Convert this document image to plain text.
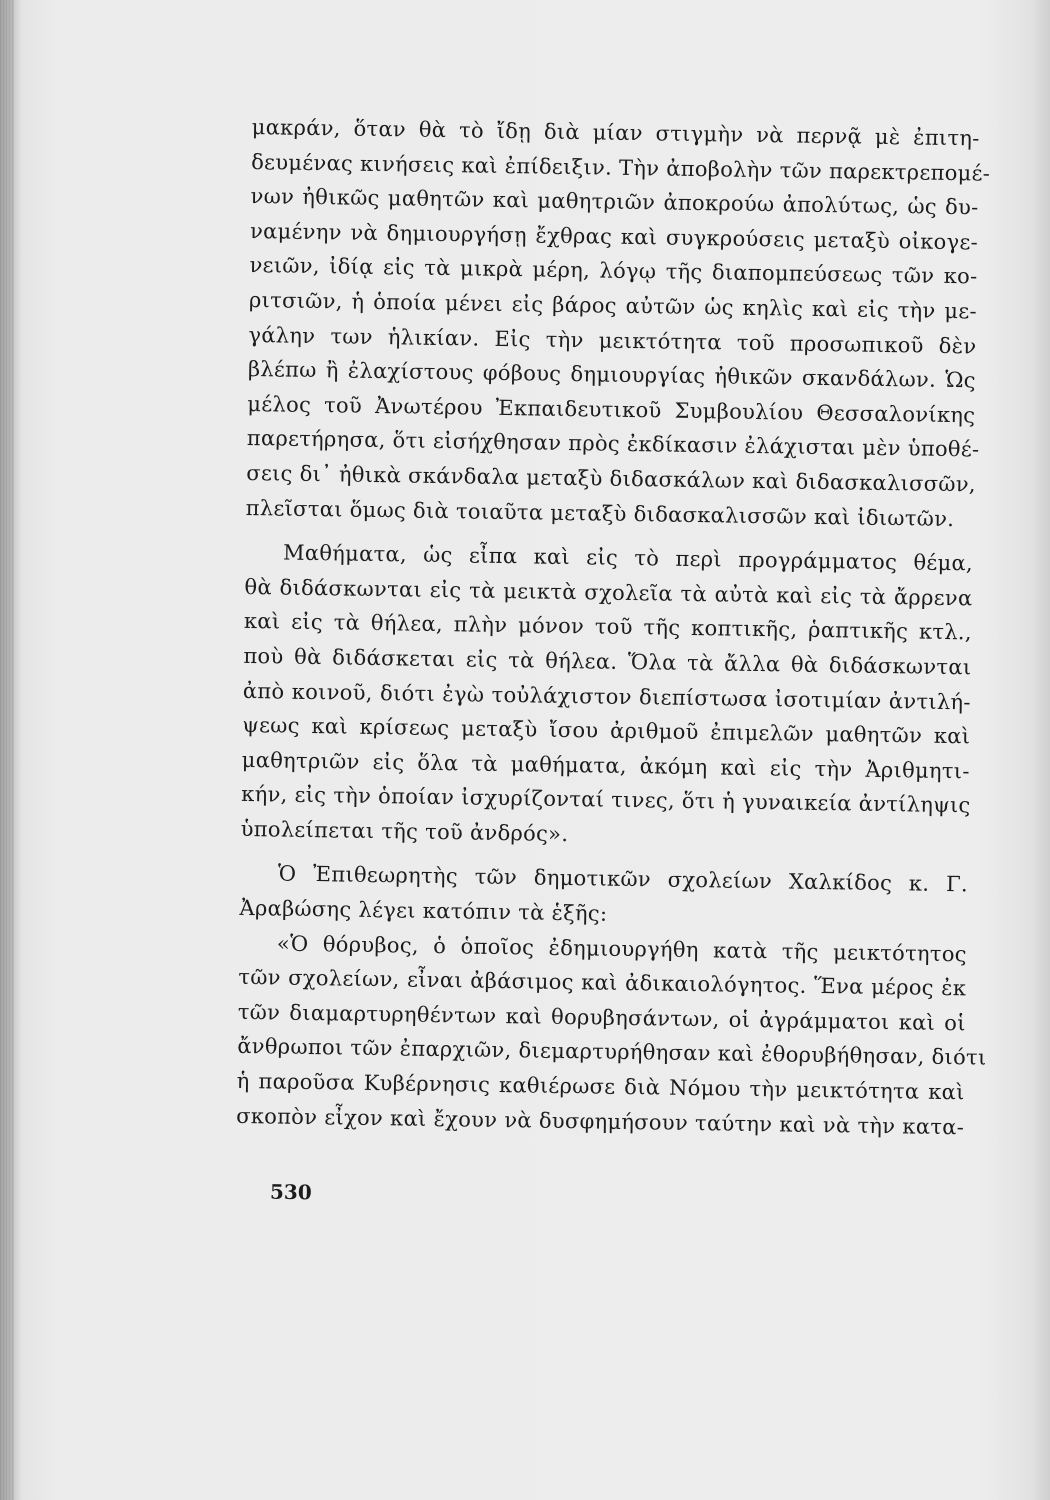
μακράν, ὅταν θὰ τὸ ἴδῃ διὰ μίαν στιγμὴν νὰ περνᾷ μὲ ἐπιτη-
δευμένας κινήσεις καὶ ἐπίδειξιν. Τὴν ἀποβολὴν τῶν παρεκτρεπομέ-
νων ἠθικῶς μαθητῶν καὶ μαθητριῶν ἀποκρούω ἀπολύτως, ὡς δυ-
ναμένην νὰ δημιουργήσῃ ἔχθρας καὶ συγκρούσεις μεταξὺ οἰκογε-
νειῶν, ἰδίᾳ εἰς τὰ μικρὰ μέρη, λόγῳ τῆς διαπομπεύσεως τῶν κο-
ριτσιῶν, ἡ ὁποία μένει εἰς βάρος αὐτῶν ὡς κηλὶς καὶ εἰς τὴν με-
γάλην των ἡλικίαν. Εἰς τὴν μεικτότητα τοῦ προσωπικοῦ δὲν
βλέπω ἢ ἐλαχίστους φόβους δημιουργίας ἠθικῶν σκανδάλων. Ὡς
μέλος τοῦ Ἀνωτέρου Ἐκπαιδευτικοῦ Συμβουλίου Θεσσαλονίκης
παρετήρησα, ὅτι εἰσήχθησαν πρὸς ἐκδίκασιν ἐλάχισται μὲν ὑποθέ-
σεις δι᾽ ἠθικὰ σκάνδαλα μεταξὺ διδασκάλων καὶ διδασκαλισσῶν,
πλεῖσται ὅμως διὰ τοιαῦτα μεταξὺ διδασκαλισσῶν καὶ ἰδιωτῶν.
Μαθήματα, ὡς εἶπα καὶ εἰς τὸ περὶ προγράμματος θέμα,
θὰ διδάσκωνται εἰς τὰ μεικτὰ σχολεῖα τὰ αὐτὰ καὶ εἰς τὰ ἄρρενα
καὶ εἰς τὰ θήλεα, πλὴν μόνον τοῦ τῆς κοπτικῆς, ῥαπτικῆς κτλ.,
ποὺ θὰ διδάσκεται εἰς τὰ θήλεα. Ὅλα τὰ ἄλλα θὰ διδάσκωνται
ἀπὸ κοινοῦ, διότι ἐγὼ τοὐλάχιστον διεπίστωσα ἰσοτιμίαν ἀντιλή-
ψεως καὶ κρίσεως μεταξὺ ἴσου ἀριθμοῦ ἐπιμελῶν μαθητῶν καὶ
μαθητριῶν εἰς ὅλα τὰ μαθήματα, ἀκόμη καὶ εἰς τὴν Ἀριθμητι-
κήν, εἰς τὴν ὁποίαν ἰσχυρίζονταί τινες, ὅτι ἡ γυναικεία ἀντίληψις
ὑπολείπεται τῆς τοῦ ἀνδρός».
Ὁ Ἐπιθεωρητὴς τῶν δημοτικῶν σχολείων Χαλκίδος κ. Γ.
Ἀραβώσης λέγει κατόπιν τὰ ἑξῆς:
«Ὁ θόρυβος, ὁ ὁποῖος ἐδημιουργήθη κατὰ τῆς μεικτότητος
τῶν σχολείων, εἶναι ἀβάσιμος καὶ ἀδικαιολόγητος. Ἕνα μέρος ἐκ
τῶν διαμαρτυρηθέντων καὶ θορυβησάντων, οἱ ἀγράμματοι καὶ οἱ
ἄνθρωποι τῶν ἐπαρχιῶν, διεμαρτυρήθησαν καὶ ἐθορυβήθησαν, διότι
ἡ παροῦσα Κυβέρνησις καθιέρωσε διὰ Νόμου τὴν μεικτότητα καὶ
σκοπὸν εἶχον καὶ ἔχουν νὰ δυσφημήσουν ταύτην καὶ νὰ τὴν κατα-
530
